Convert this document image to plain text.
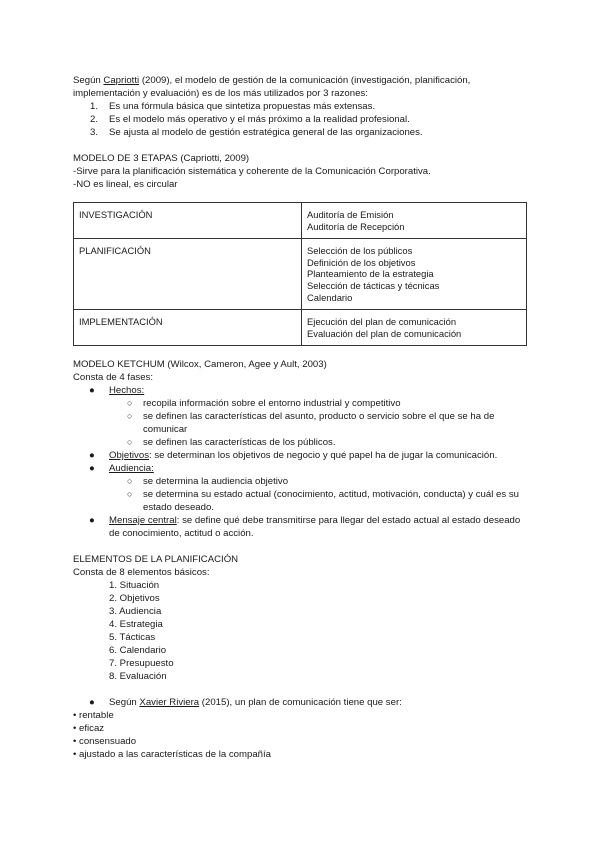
Según Capriotti (2009), el modelo de gestión de la comunicación (investigación, planificación, implementación y evaluación) es de los más utilizados por 3 razones:

1. Es una fórmula básica que sintetiza propuestas más extensas.
2. Es el modelo más operativo y el más próximo a la realidad profesional.
3. Se ajusta al modelo de gestión estratégica general de las organizaciones.

MODELO DE 3 ETAPAS (Capriotti, 2009)

-Sirve para la planificación sistemática y coherente de la Comunicación Corporativa.

-NO es lineal, es circular

INVESTIGACIÓN	Auditoría de Emisión
Auditoría de Recepción

PLANIFICACIÓN	Selección de los públicos
Definición de los objetivos
Planteamiento de la estrategia
Selección de tácticas y técnicas
Calendario

IMPLEMENTACIÓN	Ejecución del plan de comunicación
Evaluación del plan de comunicación

MODELO KETCHUM (Wilcox, Cameron, Agee y Ault, 2003)

Consta de 4 fases:

● Hechos:
○ recopila información sobre el entorno industrial y competitivo
○ se definen las características del asunto, producto o servicio sobre el que se ha de comunicar
○ se definen las características de los públicos.
● Objetivos: se determinan los objetivos de negocio y qué papel ha de jugar la comunicación.
● Audiencia:
○ se determina la audiencia objetivo
○ se determina su estado actual (conocimiento, actitud, motivación, conducta) y cuál es su estado deseado.
● Mensaje central: se define qué debe transmitirse para llegar del estado actual al estado deseado de conocimiento, actitud o acción.

ELEMENTOS DE LA PLANIFICACIÓN

Consta de 8 elementos básicos:

1. Situación
2. Objetivos
3. Audiencia
4. Estrategia
5. Tácticas
6. Calendario
7. Presupuesto
8. Evaluación
● Según Xavier Riviera (2015), un plan de comunicación tiene que ser:

• rentable

• eficaz

• consensuado

• ajustado a las características de la compañía
